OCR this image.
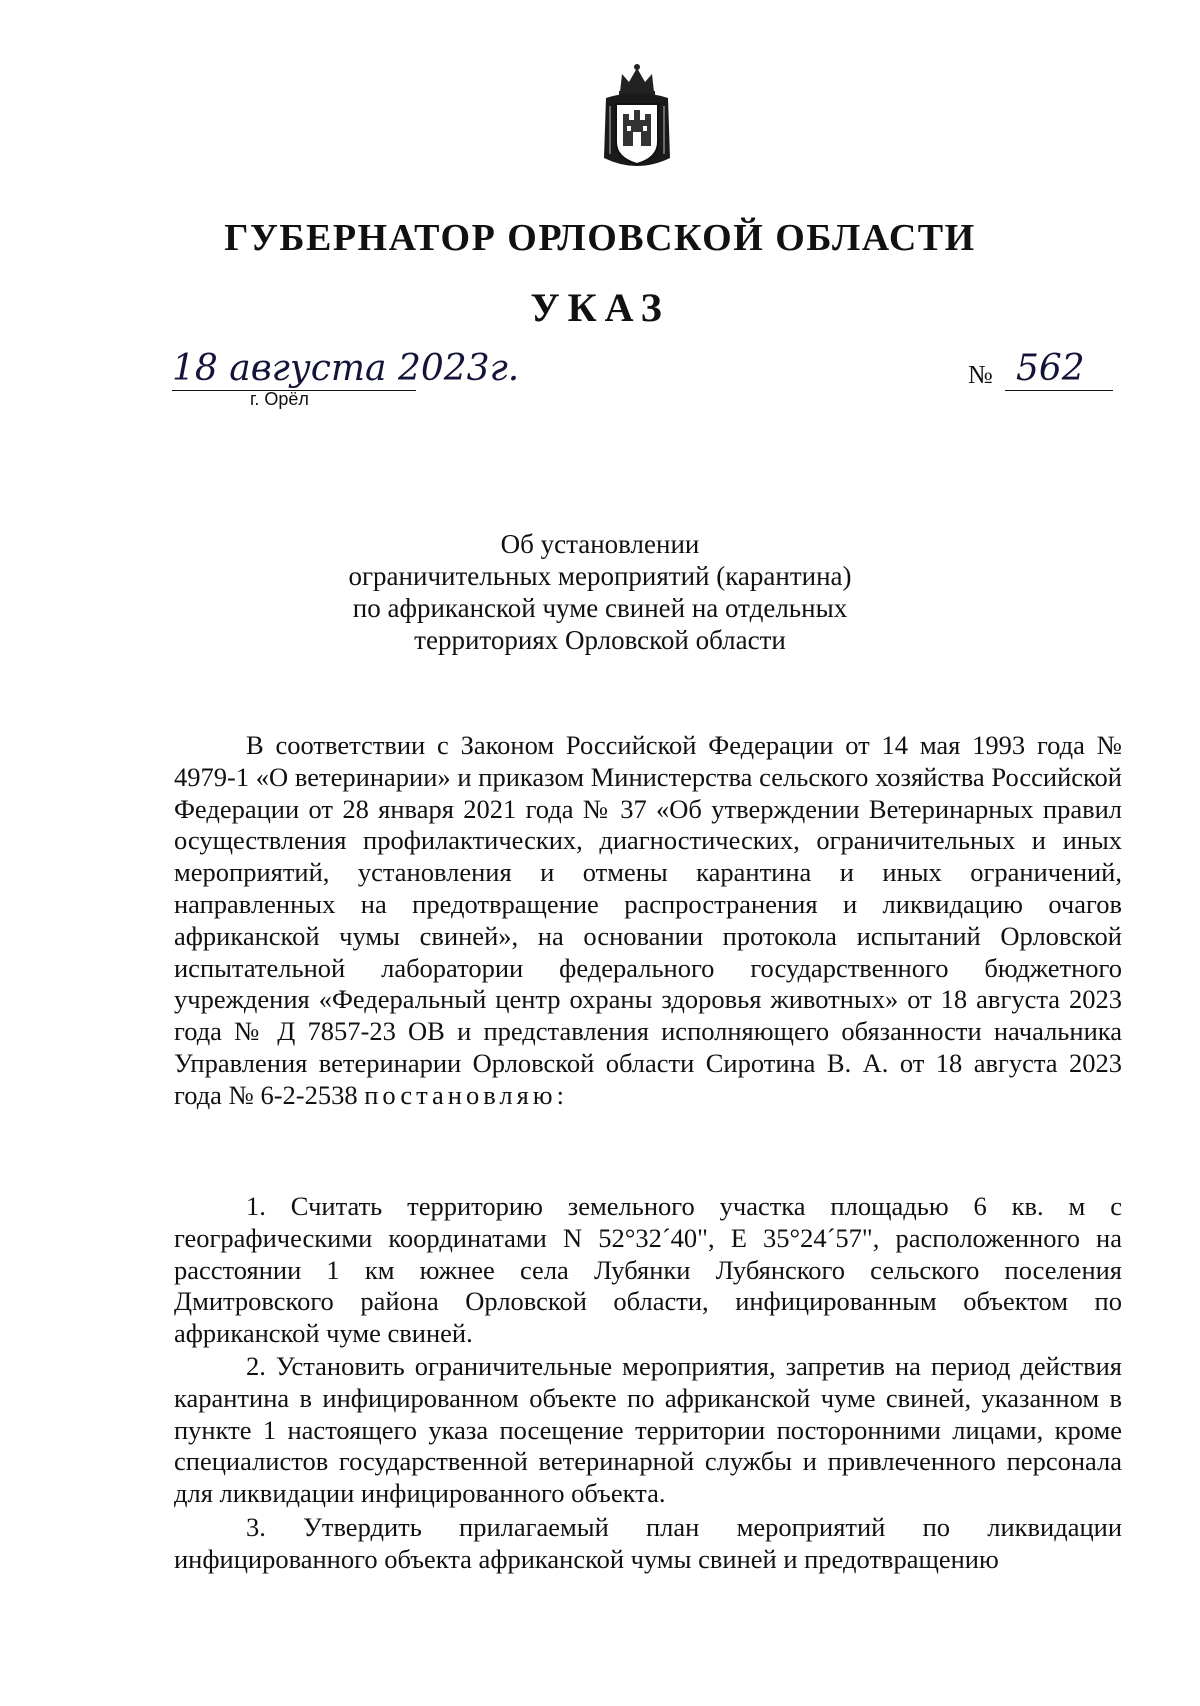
ГУБЕРНАТОР ОРЛОВСКОЙ ОБЛАСТИ
УКАЗ
18 августа 2023г.
г. Орёл
№ 562
Об установлении
ограничительных мероприятий (карантина)
по африканской чуме свиней на отдельных
территориях Орловской области
В соответствии с Законом Российской Федерации от 14 мая 1993 года № 4979-1 «О ветеринарии» и приказом Министерства сельского хозяйства Российской Федерации от 28 января 2021 года № 37 «Об утверждении Ветеринарных правил осуществления профилактических, диагностических, ограничительных и иных мероприятий, установления и отмены карантина и иных ограничений, направленных на предотвращение распространения и ликвидацию очагов африканской чумы свиней», на основании протокола испытаний Орловской испытательной лаборатории федерального государственного бюджетного учреждения «Федеральный центр охраны здоровья животных» от 18 августа 2023 года № Д 7857-23 ОВ и представления исполняющего обязанности начальника Управления ветеринарии Орловской области Сиротина В. А. от 18 августа 2023 года № 6-2-2538 постановляю:
1. Считать территорию земельного участка площадью 6 кв. м с географическими координатами N 52°32´40", E 35°24´57", расположенного на расстоянии 1 км южнее села Лубянки Лубянского сельского поселения Дмитровского района Орловской области, инфицированным объектом по африканской чуме свиней.
2. Установить ограничительные мероприятия, запретив на период действия карантина в инфицированном объекте по африканской чуме свиней, указанном в пункте 1 настоящего указа посещение территории посторонними лицами, кроме специалистов государственной ветеринарной службы и привлеченного персонала для ликвидации инфицированного объекта.
3. Утвердить прилагаемый план мероприятий по ликвидации инфицированного объекта африканской чумы свиней и предотвращению
